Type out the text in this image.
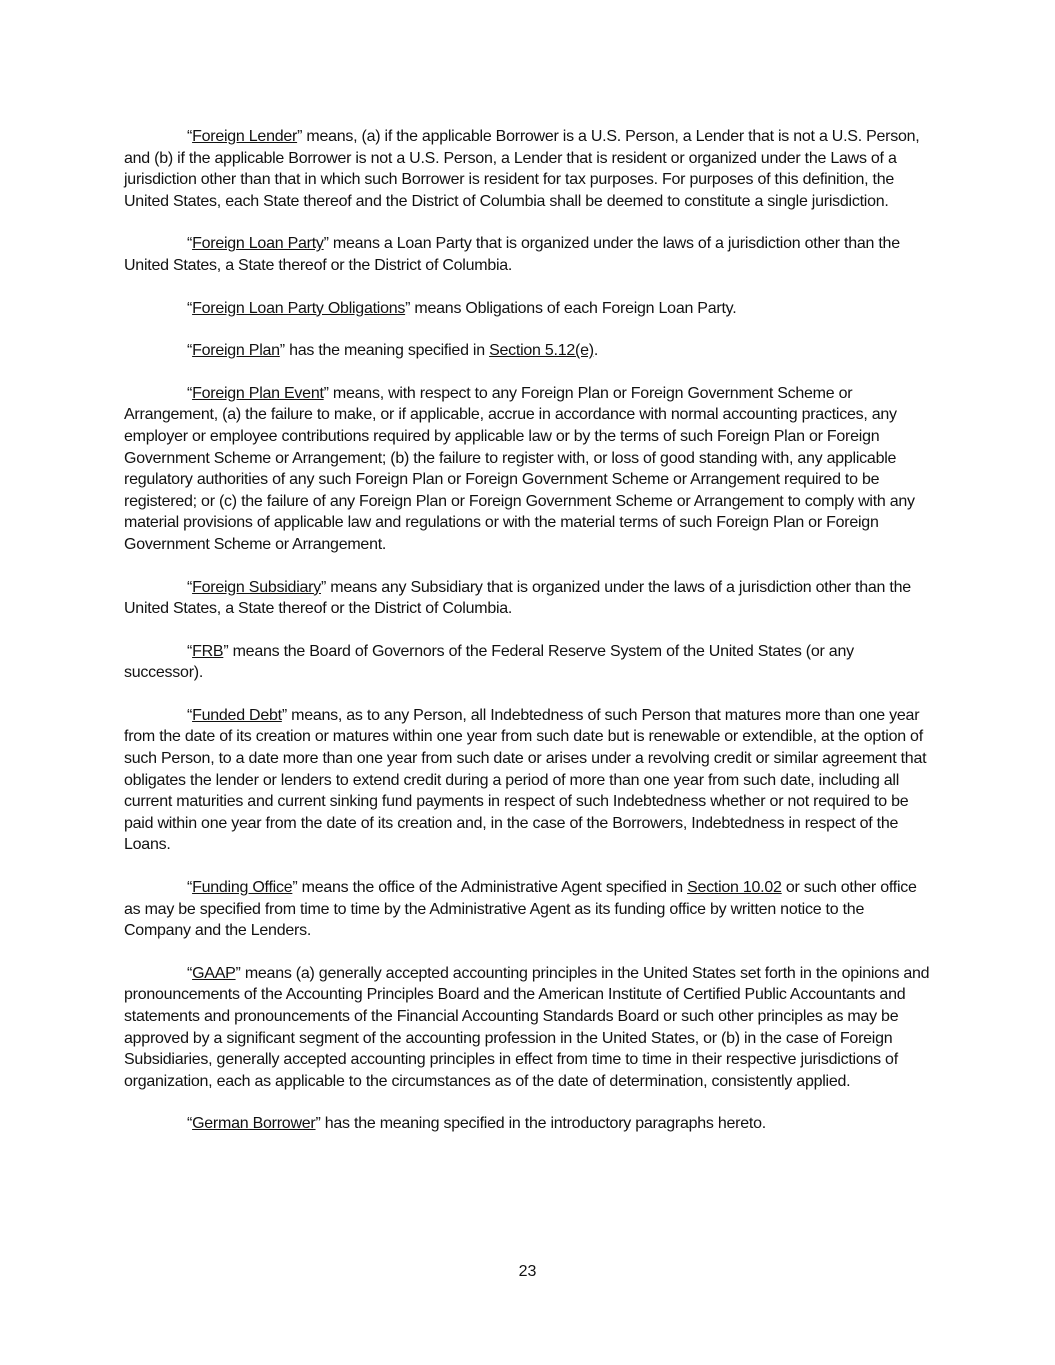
“Foreign Lender” means, (a) if the applicable Borrower is a U.S. Person, a Lender that is not a U.S. Person, and (b) if the applicable Borrower is not a U.S. Person, a Lender that is resident or organized under the Laws of a jurisdiction other than that in which such Borrower is resident for tax purposes. For purposes of this definition, the United States, each State thereof and the District of Columbia shall be deemed to constitute a single jurisdiction.

“Foreign Loan Party” means a Loan Party that is organized under the laws of a jurisdiction other than the United States, a State thereof or the District of Columbia.

“Foreign Loan Party Obligations” means Obligations of each Foreign Loan Party.

“Foreign Plan” has the meaning specified in Section 5.12(e).

“Foreign Plan Event” means, with respect to any Foreign Plan or Foreign Government Scheme or Arrangement, (a) the failure to make, or if applicable, accrue in accordance with normal accounting practices, any employer or employee contributions required by applicable law or by the terms of such Foreign Plan or Foreign Government Scheme or Arrangement; (b) the failure to register with, or loss of good standing with, any applicable regulatory authorities of any such Foreign Plan or Foreign Government Scheme or Arrangement required to be registered; or (c) the failure of any Foreign Plan or Foreign Government Scheme or Arrangement to comply with any material provisions of applicable law and regulations or with the material terms of such Foreign Plan or Foreign Government Scheme or Arrangement.

“Foreign Subsidiary” means any Subsidiary that is organized under the laws of a jurisdiction other than the United States, a State thereof or the District of Columbia.

“FRB” means the Board of Governors of the Federal Reserve System of the United States (or any successor).

“Funded Debt” means, as to any Person, all Indebtedness of such Person that matures more than one year from the date of its creation or matures within one year from such date but is renewable or extendible, at the option of such Person, to a date more than one year from such date or arises under a revolving credit or similar agreement that obligates the lender or lenders to extend credit during a period of more than one year from such date, including all current maturities and current sinking fund payments in respect of such Indebtedness whether or not required to be paid within one year from the date of its creation and, in the case of the Borrowers, Indebtedness in respect of the Loans.

“Funding Office” means the office of the Administrative Agent specified in Section 10.02 or such other office as may be specified from time to time by the Administrative Agent as its funding office by written notice to the Company and the Lenders.

“GAAP” means (a) generally accepted accounting principles in the United States set forth in the opinions and pronouncements of the Accounting Principles Board and the American Institute of Certified Public Accountants and statements and pronouncements of the Financial Accounting Standards Board or such other principles as may be approved by a significant segment of the accounting profession in the United States, or (b) in the case of Foreign Subsidiaries, generally accepted accounting principles in effect from time to time in their respective jurisdictions of organization, each as applicable to the circumstances as of the date of determination, consistently applied.

“German Borrower” has the meaning specified in the introductory paragraphs hereto.

23
